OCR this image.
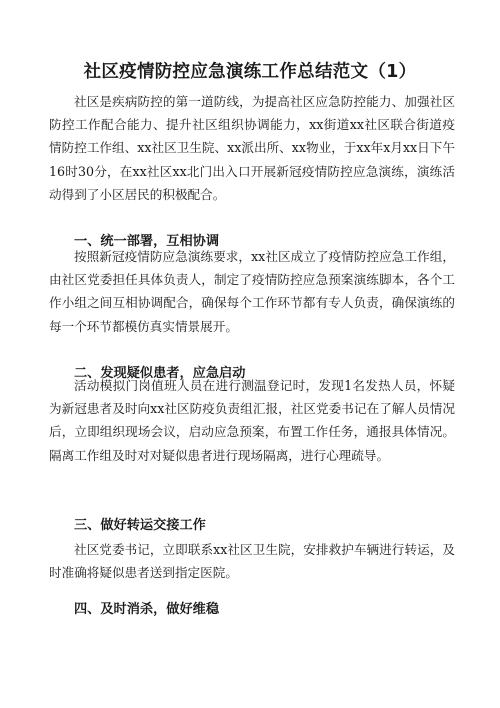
社区疫情防控应急演练工作总结范文（1）

社区是疾病防控的第一道防线，为提高社区应急防控能力、加强社区防控工作配合能力、提升社区组织协调能力，xx街道xx社区联合街道疫情防控工作组、xx社区卫生院、xx派出所、xx物业，于xx年x月xx日下午16时30分，在xx社区xx北门出入口开展新冠疫情防控应急演练，演练活动得到了小区居民的积极配合。

一、统一部署，互相协调

按照新冠疫情防应急演练要求，xx社区成立了疫情防控应急工作组，由社区党委担任具体负责人，制定了疫情防控应急预案演练脚本，各个工作小组之间互相协调配合，确保每个工作环节都有专人负责，确保演练的每一个环节都模仿真实情景展开。

二、发现疑似患者，应急启动

活动模拟门岗值班人员在进行测温登记时，发现1名发热人员，怀疑为新冠患者及时向xx社区防疫负责组汇报，社区党委书记在了解人员情况后，立即组织现场会议，启动应急预案，布置工作任务，通报具体情况。隔离工作组及时对对疑似患者进行现场隔离，进行心理疏导。

三、做好转运交接工作

社区党委书记，立即联系xx社区卫生院，安排救护车辆进行转运，及时准确将疑似患者送到指定医院。

四、及时消杀，做好维稳
